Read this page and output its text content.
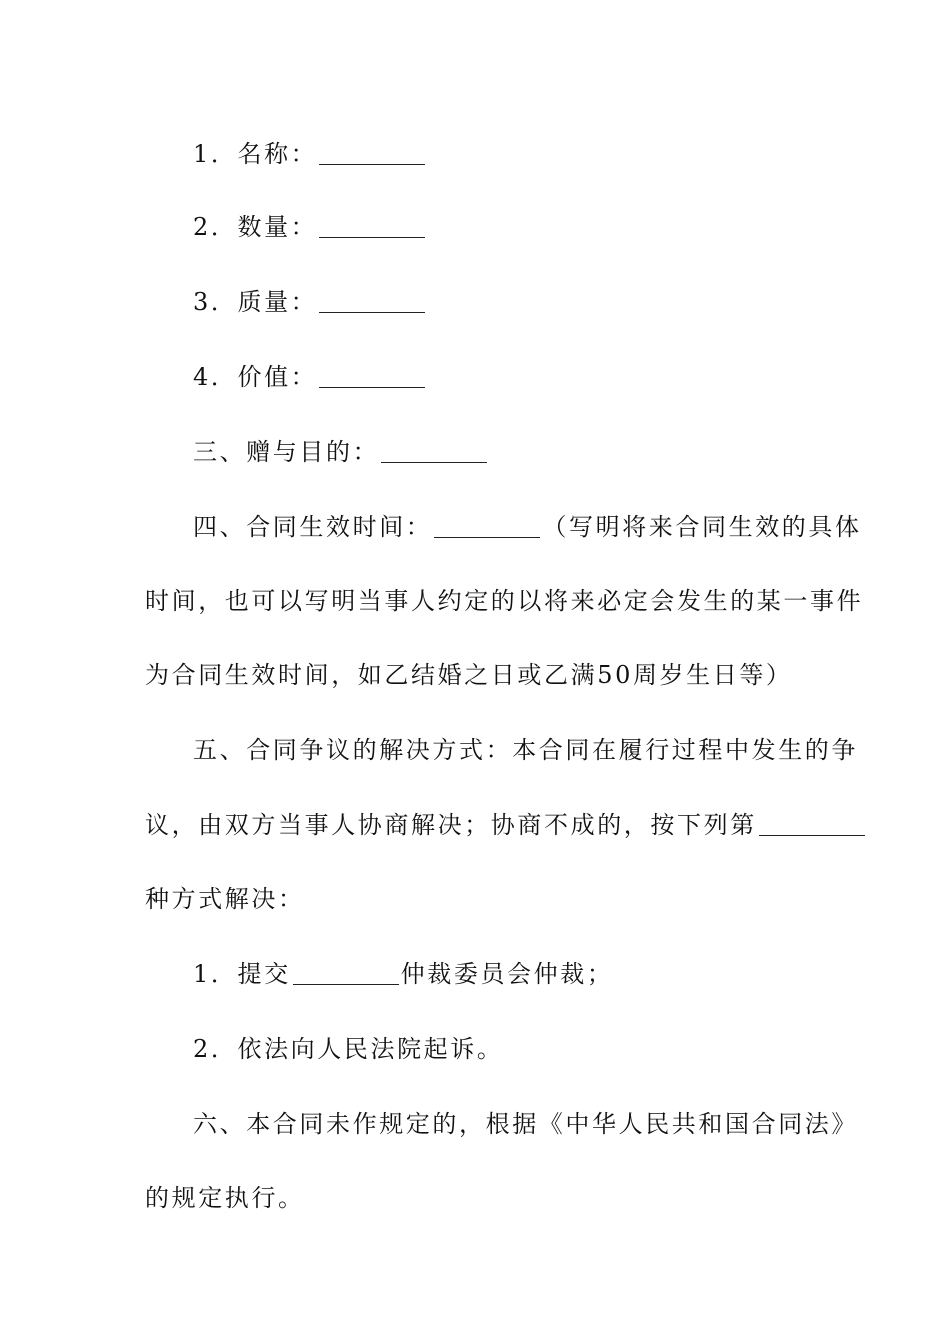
1．名称：
2．数量：
3．质量：
4．价值：
三、赠与目的：
四、合同生效时间：	（写明将来合同生效的具体
时间，也可以写明当事人约定的以将来必定会发生的某一事件
为合同生效时间，如乙结婚之日或乙满50周岁生日等）
五、合同争议的解决方式：本合同在履行过程中发生的争
议，由双方当事人协商解决；协商不成的，按下列第
种方式解决：
1．提交	仲裁委员会仲裁；
2．依法向人民法院起诉。
六、本合同未作规定的，根据《中华人民共和国合同法》
的规定执行。
